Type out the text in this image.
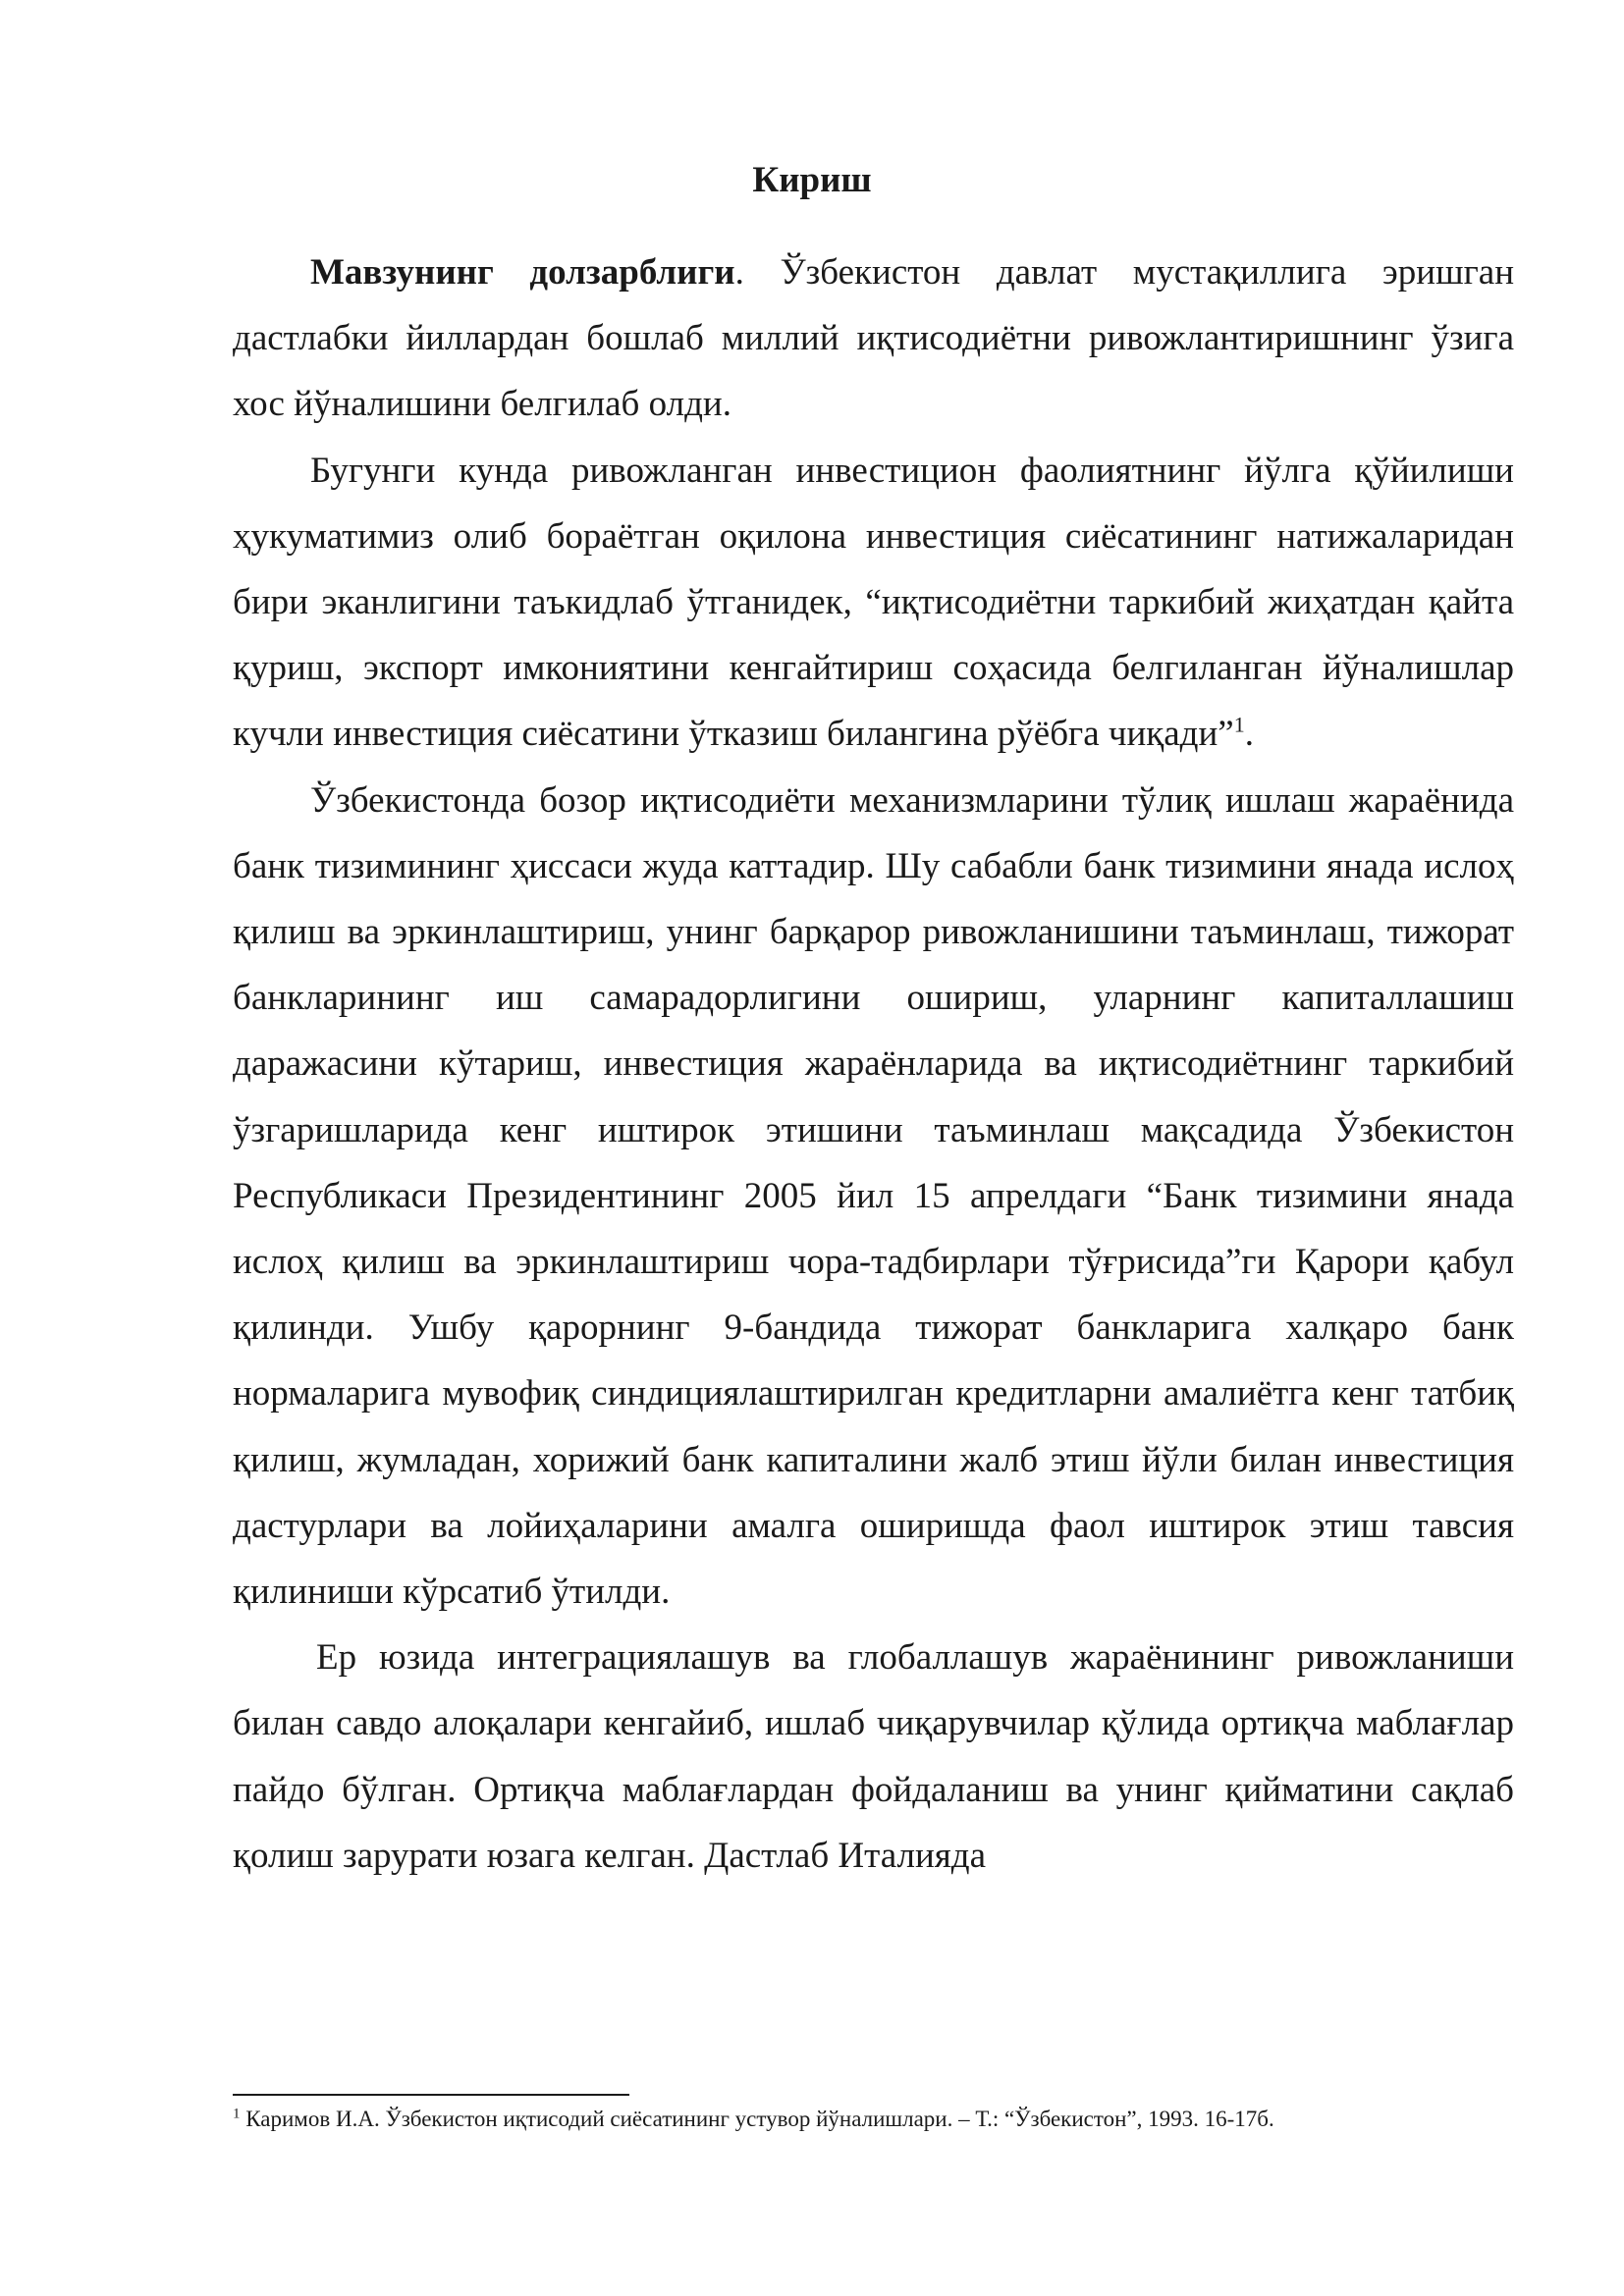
Кириш

Мавзунинг долзарблиги. Ўзбекистон давлат мустақиллига эришган дастлабки йиллардан бошлаб миллий иқтисодиётни ривожлантиришнинг ўзига хос йўналишини белгилаб олди.

Бугунги кунда ривожланган инвестицион фаолиятнинг йўлга қўйилиши ҳукуматимиз олиб бораётган оқилона инвестиция сиёсатининг натижаларидан бири эканлигини таъкидлаб ўтганидек, “иқтисодиётни таркибий жиҳатдан қайта қуриш, экспорт имкониятини кенгайтириш соҳасида белгиланган йўналишлар кучли инвестиция сиёсатини ўтказиш билангина рўёбга чиқади”$^1$.

Ўзбекистонда бозор иқтисодиёти механизмларини тўлиқ ишлаш жараёнида банк тизимининг ҳиссаси жуда каттадир. Шу сабабли банк тизимини янада ислоҳ қилиш ва эркинлаштириш, унинг барқарор ривожланишини таъминлаш, тижорат банкларининг иш самарадорлигини ошириш, уларнинг капиталлашиш даражасини кўтариш, инвестиция жараёнларида ва иқтисодиётнинг таркибий ўзгаришларида кенг иштирок этишини таъминлаш мақсадида Ўзбекистон Республикаси Президентининг 2005 йил 15 апрелдаги “Банк тизимини янада ислоҳ қилиш ва эркинлаштириш чора-тадбирлари тўғрисида”ги Қарори қабул қилинди. Ушбу қарорнинг 9-бандида тижорат банкларига халқаро банк нормаларига мувофиқ синдициялаштирилган кредитларни амалиётга кенг татбиқ қилиш, жумладан, хорижий банк капиталини жалб этиш йўли билан инвестиция дастурлари ва лойиҳаларини амалга оширишда фаол иштирок этиш тавсия қилиниши кўрсатиб ўтилди.

Ер юзида интеграциялашув ва глобаллашув жараёнининг ривожланиши билан савдо алоқалари кенгайиб, ишлаб чиқарувчилар қўлида ортиқча маблағлар пайдо бўлган. Ортиқча маблағлардан фойдаланиш ва унинг қийматини сақлаб қолиш зарурати юзага келган. Дастлаб Италияда

$^1$ Каримов И.А. Ўзбекистон иқтисодий сиёсатининг устувор йўналишлари. – Т.: “Ўзбекистон”, 1993. 16-17б.
